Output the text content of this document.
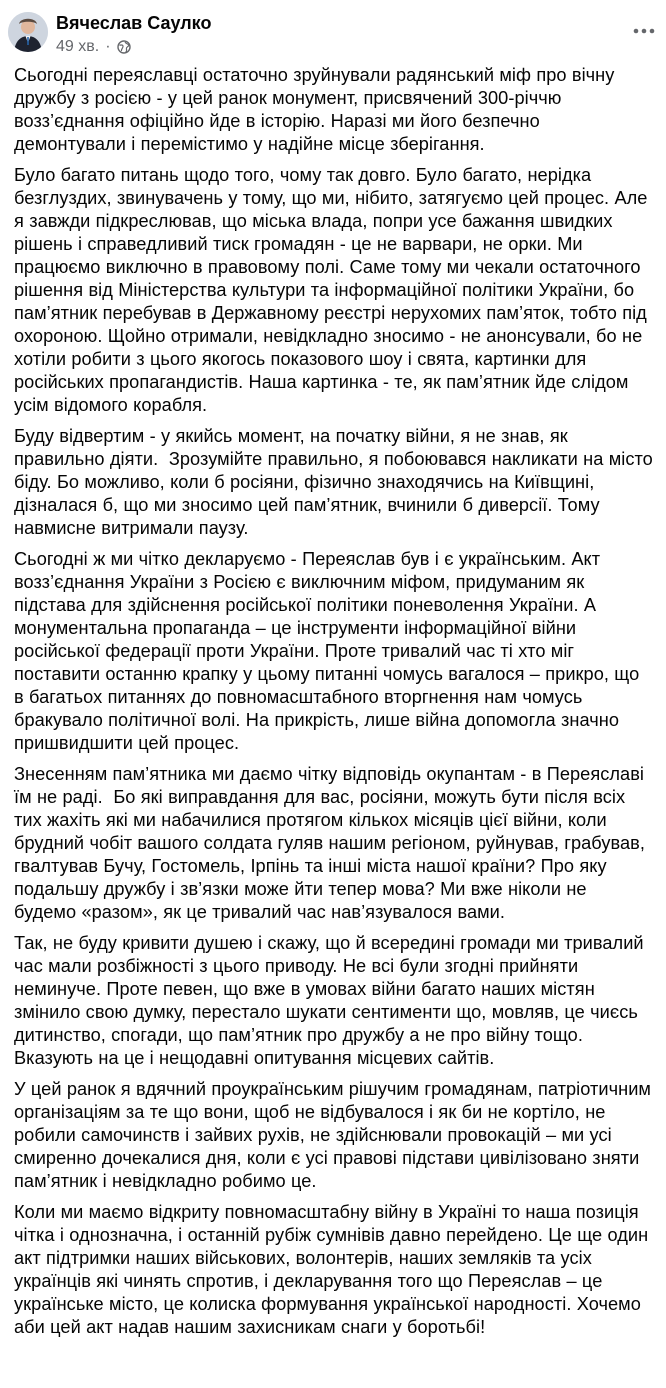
Вячеслав Саулко
49 хв. ·

Сьогодні переяславці остаточно зруйнували радянський міф про вічну дружбу з росією - у цей ранок монумент, присвячений 300-річчю возз’єднання офіційно йде в історію. Наразі ми його безпечно демонтували і перемістимо у надійне місце зберігання.

Було багато питань щодо того, чому так довго. Було багато, нерідка безглуздих, звинувачень у тому, що ми, нібито, затягуємо цей процес. Але я завжди підкреслював, що міська влада, попри усе бажання швидких рішень і справедливий тиск громадян - це не варвари, не орки. Ми працюємо виключно в правовому полі. Саме тому ми чекали остаточного рішення від Міністерства культури та інформаційної політики України, бо пам’ятник перебував в Державному реєстрі нерухомих пам’яток, тобто під охороною. Щойно отримали, невідкладно зносимо - не анонсували, бо не хотіли робити з цього якогось показового шоу і свята, картинки для російських пропагандистів. Наша картинка - те, як пам’ятник йде слідом усім відомого корабля.

Буду відвертим - у якийсь момент, на початку війни, я не знав, як правильно діяти.  Зрозумійте правильно, я побоювався накликати на місто біду. Бо можливо, коли б росіяни, фізично знаходячись на Київщині, дізналася б, що ми зносимо цей пам’ятник, вчинили б диверсії. Тому навмисне витримали паузу.

Сьогодні ж ми чітко декларуємо - Переяслав був і є українським. Акт возз’єднання України з Росією є виключним міфом, придуманим як підстава для здійснення російської політики поневолення України. А монументальна пропаганда – це інструменти інформаційної війни російської федерації проти України. Проте тривалий час ті хто міг поставити останню крапку у цьому питанні чомусь вагалося – прикро, що в багатьох питаннях до повномасштабного вторгнення нам чомусь бракувало політичної волі. На прикрість, лише війна допомогла значно пришвидшити цей процес.

Знесенням пам’ятника ми даємо чітку відповідь окупантам - в Переяславі їм не раді.  Бо які виправдання для вас, росіяни, можуть бути після всіх тих жахіть які ми набачилися протягом кількох місяців цієї війни, коли брудний чобіт вашого солдата гуляв нашим регіоном, руйнував, грабував, гвалтував Бучу, Гостомель, Ірпінь та інші міста нашої країни? Про яку подальшу дружбу і зв’язки може йти тепер мова? Ми вже ніколи не будемо «разом», як це тривалий час нав’язувалося вами.

Так, не буду кривити душею і скажу, що й всередині громади ми тривалий час мали розбіжності з цього приводу. Не всі були згодні прийняти неминуче. Проте певен, що вже в умовах війни багато наших містян змінило свою думку, перестало шукати сентименти що, мовляв, це чиєсь дитинство, спогади, що пам’ятник про дружбу а не про війну тощо. Вказують на це і нещодавні опитування місцевих сайтів.

У цей ранок я вдячний проукраїнським рішучим громадянам, патріотичним організаціям за те що вони, щоб не відбувалося і як би не кортіло, не робили самочинств і зайвих рухів, не здійснювали провокацій – ми усі смиренно дочекалися дня, коли є усі правові підстави цивілізовано зняти пам’ятник і невідкладно робимо це.

Коли ми маємо відкриту повномасштабну війну в Україні то наша позиція чітка і однозначна, і останній рубіж сумнівів давно перейдено. Це ще один акт підтримки наших військових, волонтерів, наших земляків та усіх українців які чинять спротив, і декларування того що Переяслав – це українське місто, це колиска формування української народності. Хочемо аби цей акт надав нашим захисникам снаги у боротьбі!
